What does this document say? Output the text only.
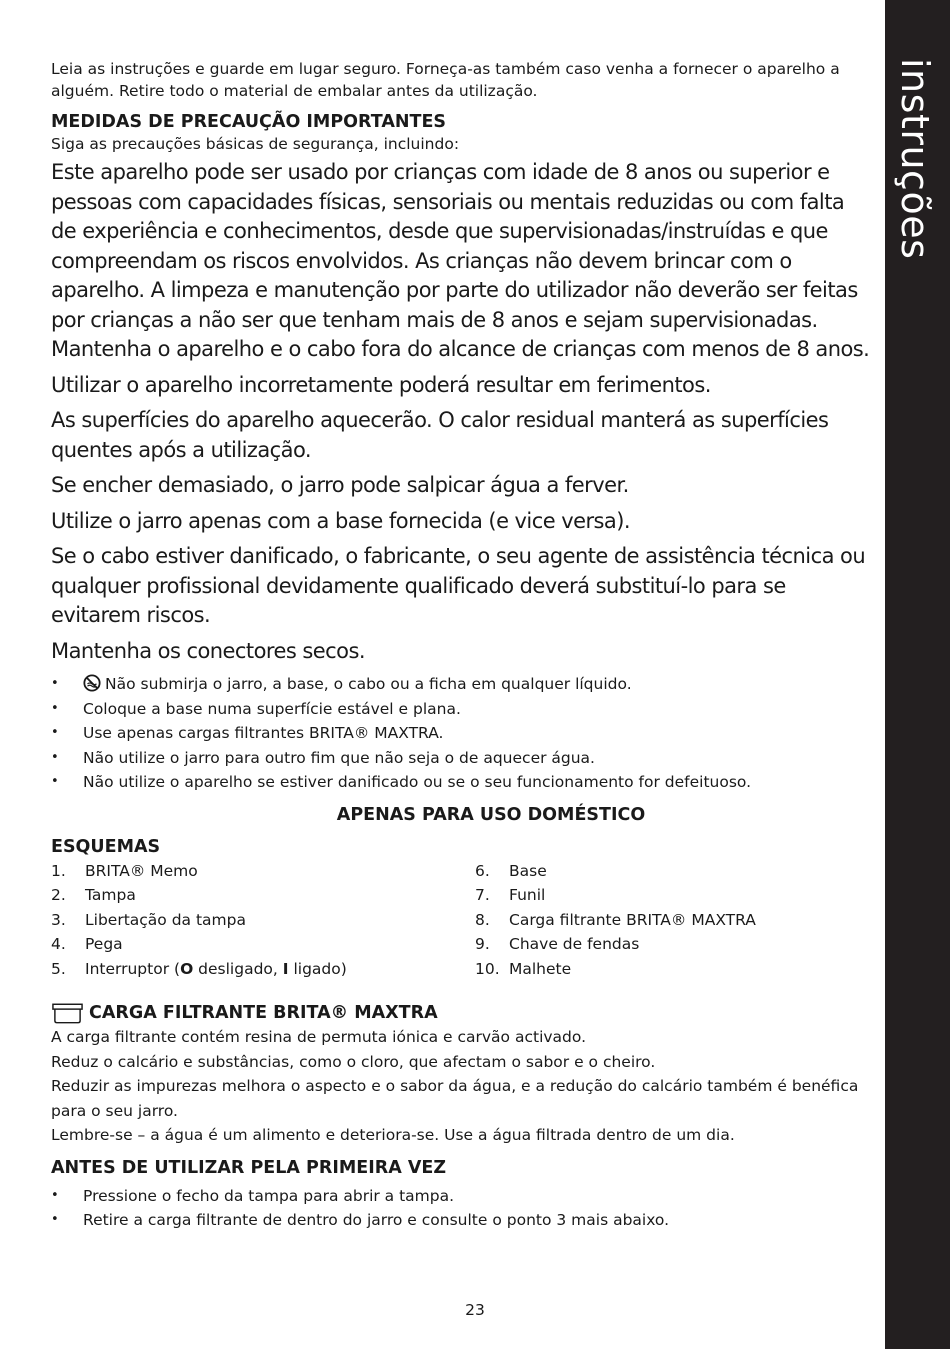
instruções

Leia as instruções e guarde em lugar seguro. Forneça-as também caso venha a fornecer o aparelho a alguém. Retire todo o material de embalar antes da utilização.

MEDIDAS DE PRECAUÇÃO IMPORTANTES

Siga as precauções básicas de segurança, incluindo:

Este aparelho pode ser usado por crianças com idade de 8 anos ou superior e pessoas com capacidades físicas, sensoriais ou mentais reduzidas ou com falta de experiência e conhecimentos, desde que supervisionadas/instruídas e que compreendam os riscos envolvidos. As crianças não devem brincar com o aparelho. A limpeza e manutenção por parte do utilizador não deverão ser feitas por crianças a não ser que tenham mais de 8 anos e sejam supervisionadas. Mantenha o aparelho e o cabo fora do alcance de crianças com menos de 8 anos.

Utilizar o aparelho incorretamente poderá resultar em ferimentos.

As superfícies do aparelho aquecerão. O calor residual manterá as superfícies quentes após a utilização.

Se encher demasiado, o jarro pode salpicar água a ferver.

Utilize o jarro apenas com a base fornecida (e vice versa).

Se o cabo estiver danificado, o fabricante, o seu agente de assistência técnica ou qualquer profissional devidamente qualificado deverá substituí-lo para se evitarem riscos.

Mantenha os conectores secos.

• Não submirja o jarro, a base, o cabo ou a ficha em qualquer líquido.
• Coloque a base numa superfície estável e plana.
• Use apenas cargas filtrantes BRITA® MAXTRA.
• Não utilize o jarro para outro fim que não seja o de aquecer água.
• Não utilize o aparelho se estiver danificado ou se o seu funcionamento for defeituoso.
APENAS PARA USO DOMÉSTICO
ESQUEMAS
1.	BRITA® Memo
2.	Tampa
3.	Libertação da tampa
4.	Pega
5.	Interruptor (O desligado, I ligado)
6.	Base
7.	Funil
8.	Carga filtrante BRITA® MAXTRA
9.	Chave de fendas
10. Malhete
CARGA FILTRANTE BRITA® MAXTRA

A carga filtrante contém resina de permuta iónica e carvão activado.

Reduz o calcário e substâncias, como o cloro, que afectam o sabor e o cheiro.

Reduzir as impurezas melhora o aspecto e o sabor da água, e a redução do calcário também é benéfica para o seu jarro.

Lembre-se – a água é um alimento e deteriora-se. Use a água filtrada dentro de um dia.

ANTES DE UTILIZAR PELA PRIMEIRA VEZ
• Pressione o fecho da tampa para abrir a tampa.
• Retire a carga filtrante de dentro do jarro e consulte o ponto 3 mais abaixo.
23
